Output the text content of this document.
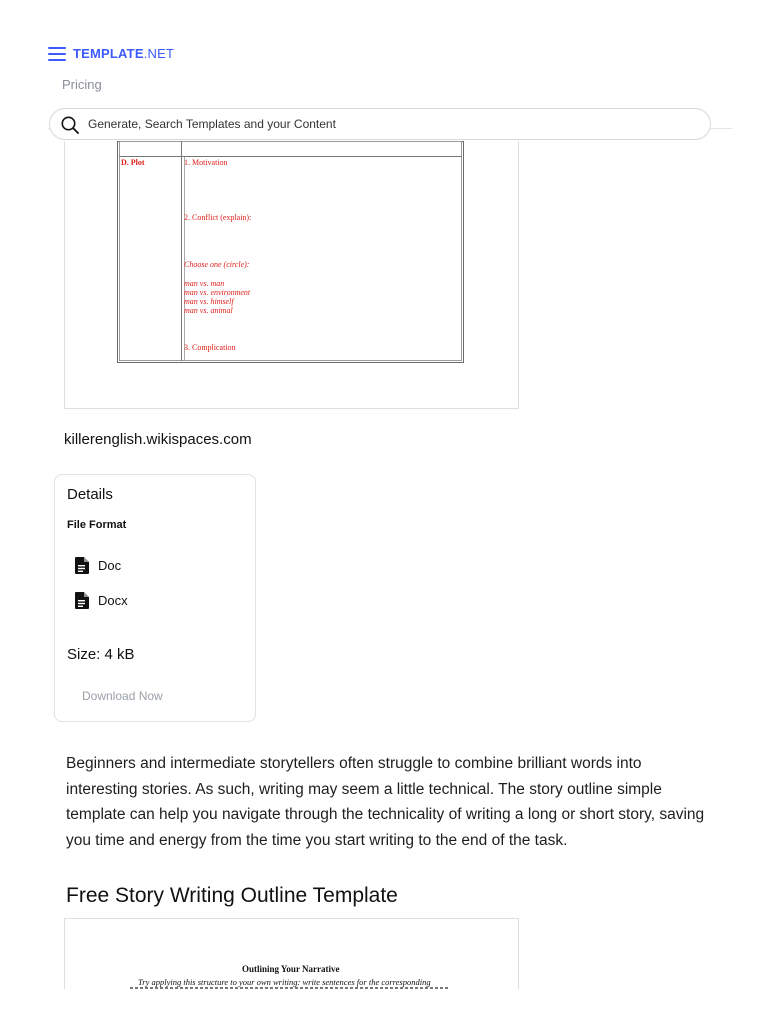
TEMPLATE.NET
Pricing
Generate, Search Templates and your Content
D. Plot	1. Motivation
2. Conflict (explain):
Choose one (circle):
man vs. man
man vs. environment
man vs. himself
man vs. animal
3. Complication
killerenglish.wikispaces.com
Details
File Format
Doc
Docx
Size: 4 kB
Download Now
Beginners and intermediate storytellers often struggle to combine brilliant words into interesting stories. As such, writing may seem a little technical. The story outline simple template can help you navigate through the technicality of writing a long or short story, saving you time and energy from the time you start writing to the end of the task.
Free Story Writing Outline Template
Outlining Your Narrative
Try applying this structure to your own writing: write sentences for the corresponding
